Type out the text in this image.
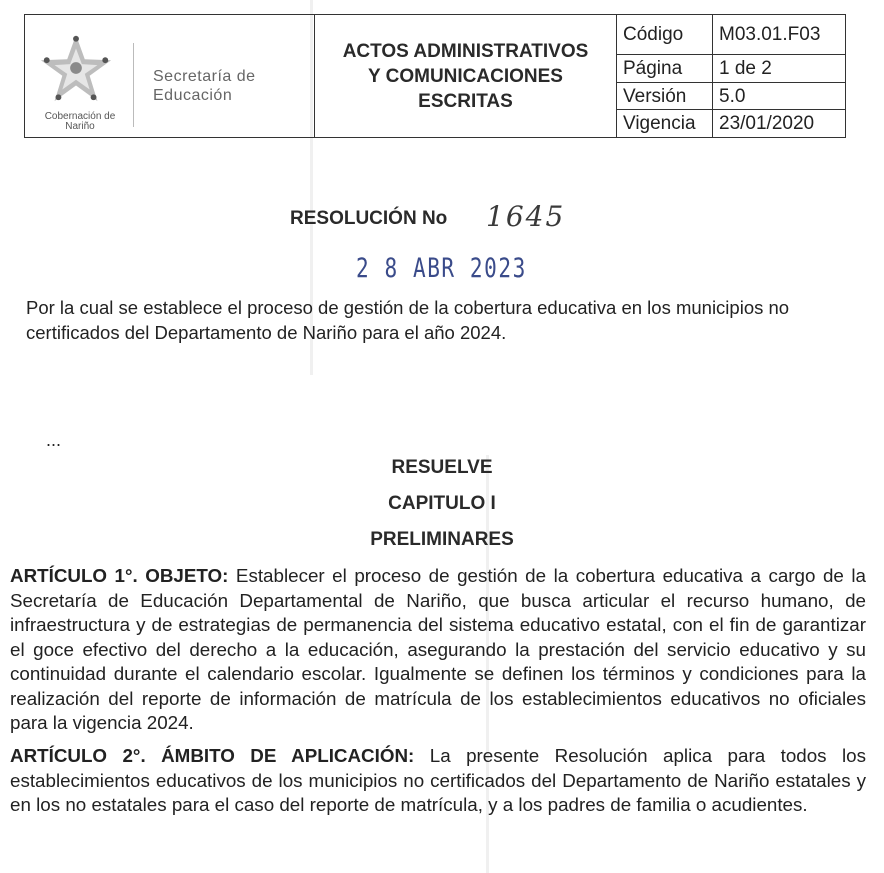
Cobernación de Nariño
Secretaría de Educación
ACTOS ADMINISTRATIVOS
Y COMUNICACIONES
ESCRITAS
Código	M03.01.F03
Página	1 de 2
Versión	5.0
Vigencia	23/01/2020
RESOLUCIÓN No 1645
2 8 ABR 2023

Por la cual se establece el proceso de gestión de la cobertura educativa en los municipios no certificados del Departamento de Nariño para el año 2024.

...
RESUELVE
CAPITULO I
PRELIMINARES

ARTÍCULO 1°. OBJETO: Establecer el proceso de gestión de la cobertura educativa a cargo de la Secretaría de Educación Departamental de Nariño, que busca articular el recurso humano, de infraestructura y de estrategias de permanencia del sistema educativo estatal, con el fin de garantizar el goce efectivo del derecho a la educación, asegurando la prestación del servicio educativo y su continuidad durante el calendario escolar. Igualmente se definen los términos y condiciones para la realización del reporte de información de matrícula de los establecimientos educativos no oficiales para la vigencia 2024.

ARTÍCULO 2°. ÁMBITO DE APLICACIÓN: La presente Resolución aplica para todos los establecimientos educativos de los municipios no certificados del Departamento de Nariño estatales y en los no estatales para el caso del reporte de matrícula, y a los padres de familia o acudientes.
